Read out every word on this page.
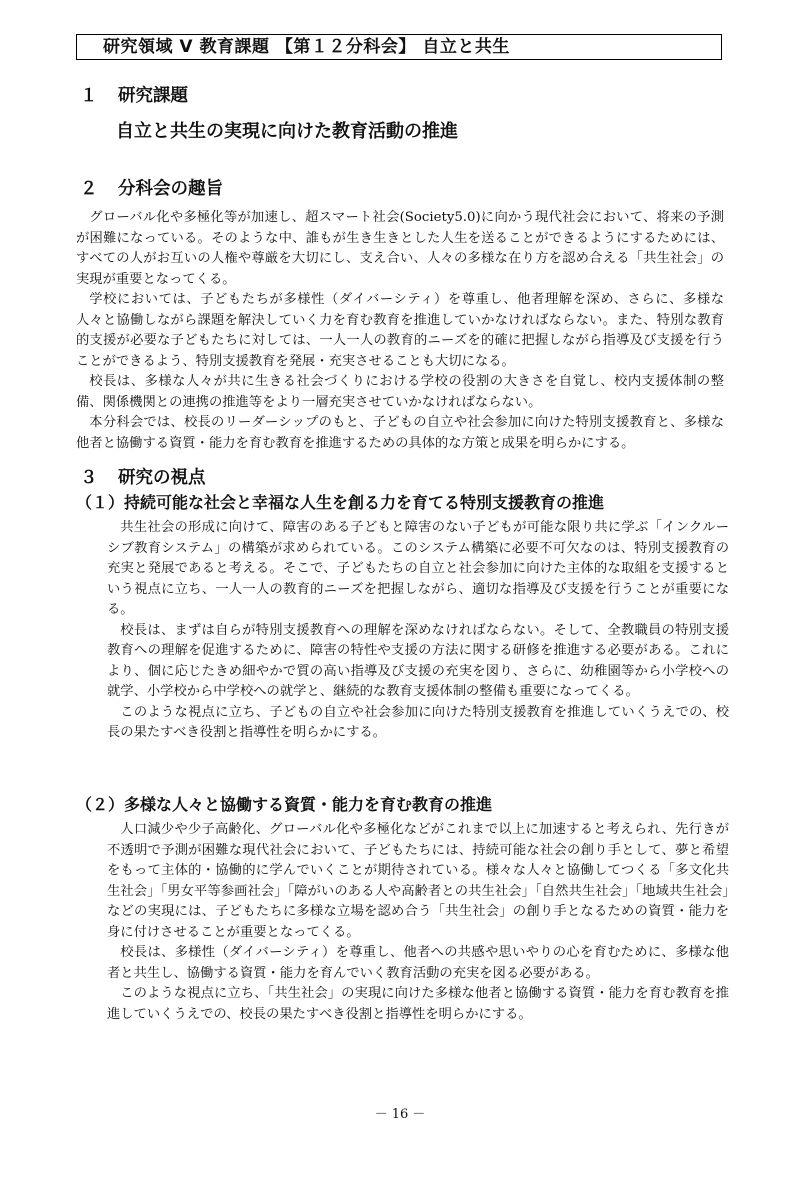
研究領域 Ⅴ 教育課題 【第１２分科会】 自立と共生
１ 研究課題
自立と共生の実現に向けた教育活動の推進
２ 分科会の趣旨

グローバル化や多極化等が加速し、超スマート社会(Society5.0)に向かう現代社会において、将来の予測が困難になっている。そのような中、誰もが生き生きとした人生を送ることができるようにするためには、すべての人がお互いの人権や尊厳を大切にし、支え合い、人々の多様な在り方を認め合える「共生社会」の実現が重要となってくる。

学校においては、子どもたちが多様性（ダイバーシティ）を尊重し、他者理解を深め、さらに、多様な人々と協働しながら課題を解決していく力を育む教育を推進していかなければならない。また、特別な教育的支援が必要な子どもたちに対しては、一人一人の教育的ニーズを的確に把握しながら指導及び支援を行うことができるよう、特別支援教育を発展・充実させることも大切になる。

校長は、多様な人々が共に生きる社会づくりにおける学校の役割の大きさを自覚し、校内支援体制の整備、関係機関との連携の推進等をより一層充実させていかなければならない。

本分科会では、校長のリーダーシップのもと、子どもの自立や社会参加に向けた特別支援教育と、多様な他者と協働する資質・能力を育む教育を推進するための具体的な方策と成果を明らかにする。

３ 研究の視点
（１）持続可能な社会と幸福な人生を創る力を育てる特別支援教育の推進

共生社会の形成に向けて、障害のある子どもと障害のない子どもが可能な限り共に学ぶ「インクルーシブ教育システム」の構築が求められている。このシステム構築に必要不可欠なのは、特別支援教育の充実と発展であると考える。そこで、子どもたちの自立と社会参加に向けた主体的な取組を支援するという視点に立ち、一人一人の教育的ニーズを把握しながら、適切な指導及び支援を行うことが重要になる。

校長は、まずは自らが特別支援教育への理解を深めなければならない。そして、全教職員の特別支援教育への理解を促進するために、障害の特性や支援の方法に関する研修を推進する必要がある。これにより、個に応じたきめ細やかで質の高い指導及び支援の充実を図り、さらに、幼稚園等から小学校への就学、小学校から中学校への就学と、継続的な教育支援体制の整備も重要になってくる。

このような視点に立ち、子どもの自立や社会参加に向けた特別支援教育を推進していくうえでの、校長の果たすべき役割と指導性を明らかにする。

（２）多様な人々と協働する資質・能力を育む教育の推進

人口減少や少子高齢化、グローバル化や多極化などがこれまで以上に加速すると考えられ、先行きが不透明で予測が困難な現代社会において、子どもたちには、持続可能な社会の創り手として、夢と希望をもって主体的・協働的に学んでいくことが期待されている。様々な人々と協働してつくる「多文化共生社会」「男女平等参画社会」「障がいのある人や高齢者との共生社会」「自然共生社会」「地域共生社会」などの実現には、子どもたちに多様な立場を認め合う「共生社会」の創り手となるための資質・能力を身に付けさせることが重要となってくる。

校長は、多様性（ダイバーシティ）を尊重し、他者への共感や思いやりの心を育むために、多様な他者と共生し、協働する資質・能力を育んでいく教育活動の充実を図る必要がある。

このような視点に立ち、「共生社会」の実現に向けた多様な他者と協働する資質・能力を育む教育を推進していくうえでの、校長の果たすべき役割と指導性を明らかにする。

－ 16 －
